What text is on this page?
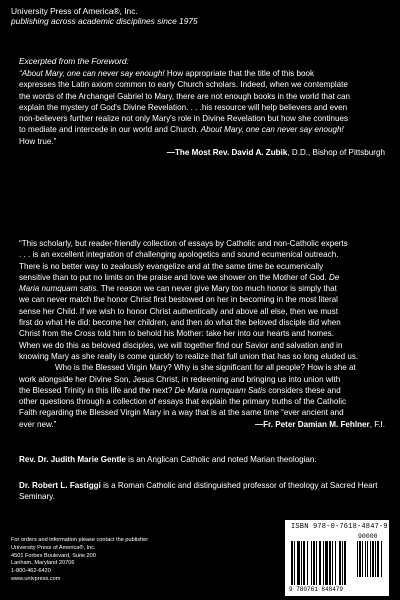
University Press of America®, Inc.
publishing across academic disciplines since 1975
Excerpted from the Foreword:

“About Mary, one can never say enough! How appropriate that the title of this book

expresses the Latin axiom common to early Church scholars. Indeed, when we contemplate

the words of the Archangel Gabriel to Mary, there are not enough books in the world that can

explain the mystery of God's Divine Revelation. . . .his resource will help believers and even

non-believers further realize not only Mary's role in Divine Revelation but how she continues

to mediate and intercede in our world and Church. About Mary, one can never say enough!

How true.”

—The Most Rev. David A. Zubik, D.D., Bishop of Pittsburgh

“This scholarly, but reader-friendly collection of essays by Catholic and non-Catholic experts

. . . is an excellent integration of challenging apologetics and sound ecumenical outreach.

There is no better way to zealously evangelize and at the same time be ecumenically

sensitive than to put no limits on the praise and love we shower on the Mother of God. De

Maria numquam satis. The reason we can never give Mary too much honor is simply that

we can never match the honor Christ first bestowed on her in becoming in the most literal

sense her Child. If we wish to honor Christ authentically and above all else, then we must

first do what He did: become her children, and then do what the beloved disciple did when

Christ from the Cross told him to behold his Mother: take her into our hearts and homes.

When we do this as beloved disciples, we will together find our Savior and salvation and in

knowing Mary as she really is come quickly to realize that full union that has so long eluded us.

Who is the Blessed Virgin Mary? Why is she significant for all people? How is she at

work alongside her Divine Son, Jesus Christ, in redeeming and bringing us into union with

the Blessed Trinity in this life and the next? De Maria numquam Satis considers these and

other questions through a collection of essays that explain the primary truths of the Catholic

Faith regarding the Blessed Virgin Mary in a way that is at the same time “ever ancient and

ever new.”	—Fr. Peter Damian M. Fehlner, F.I.

Rev. Dr. Judith Marie Gentle is an Anglican Catholic and noted Marian theologian.
Dr. Robert L. Fastiggi is a Roman Catholic and distinguished professor of theology at Sacred Heart Seminary.
For orders and information please contact the publisher
University Press of America®, Inc.
4501 Forbes Boulevard, Suite 200
Lanham, Maryland 20706
1-800-462-6420
www.univpress.com
ISBN 978-0-7618-4847-9
90000
9 780761 848479
